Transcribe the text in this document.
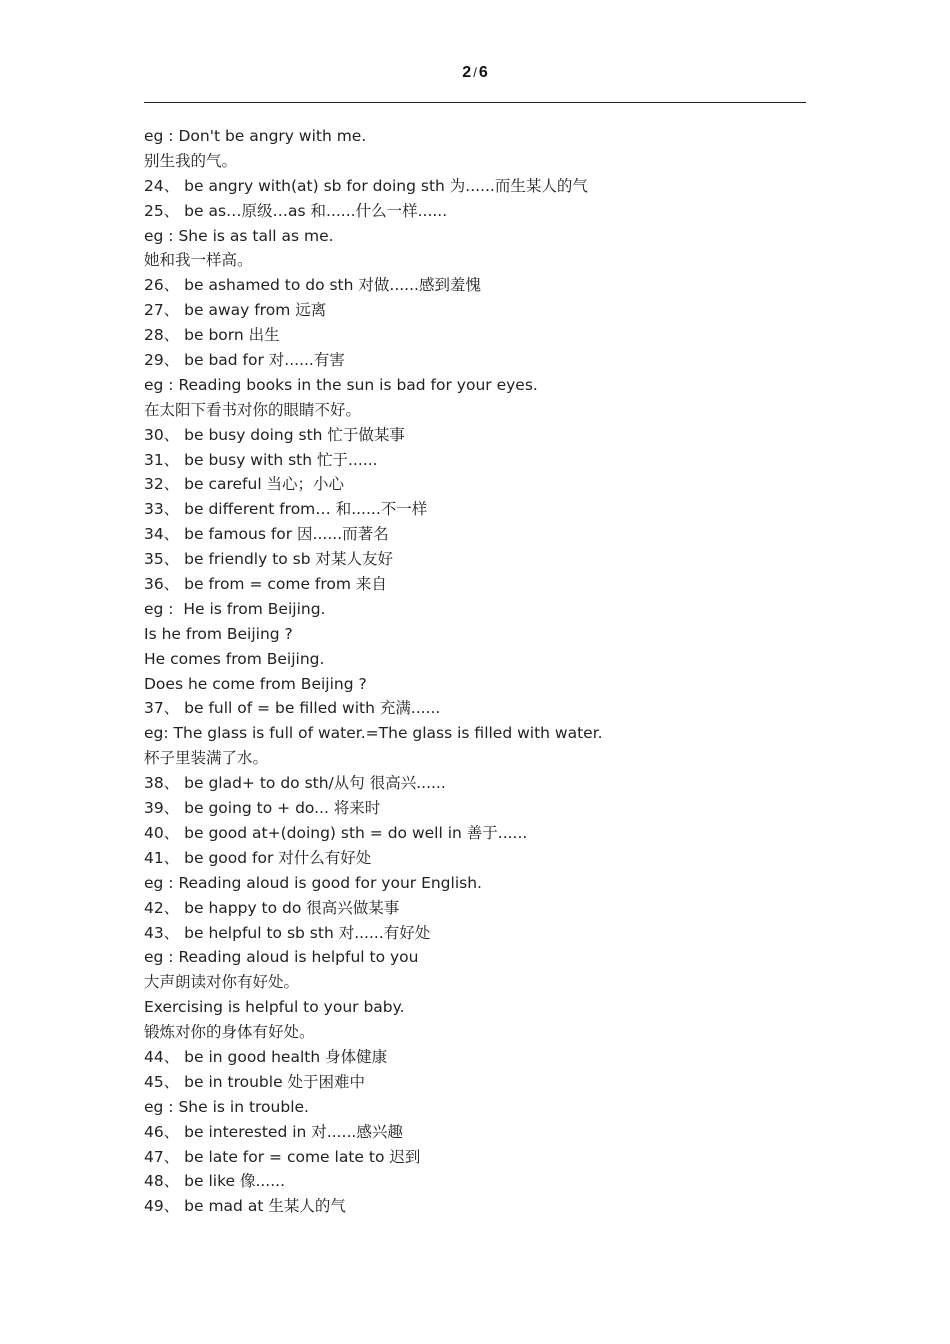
2 / 6
eg : Don't be angry with me.
别生我的气。
24、 be angry with(at) sb for doing sth 为......而生某人的气
25、 be as…原级…as 和......什么一样......
eg : She is as tall as me.
她和我一样高。
26、 be ashamed to do sth 对做......感到羞愧
27、 be away from 远离
28、 be born 出生
29、 be bad for 对......有害
eg : Reading books in the sun is bad for your eyes.
在太阳下看书对你的眼睛不好。
30、 be busy doing sth 忙于做某事
31、 be busy with sth 忙于......
32、 be careful 当心；小心
33、 be different from… 和......不一样
34、 be famous for 因......而著名
35、 be friendly to sb 对某人友好
36、 be from = come from 来自
eg :  He is from Beijing.
Is he from Beijing ?
He comes from Beijing.
Does he come from Beijing ?
37、 be full of = be filled with 充满......
eg: The glass is full of water.=The glass is filled with water.
杯子里装满了水。
38、 be glad+ to do sth/从句 很高兴......
39、 be going to + do... 将来时
40、 be good at+(doing) sth = do well in 善于......
41、 be good for 对什么有好处
eg : Reading aloud is good for your English.
42、 be happy to do 很高兴做某事
43、 be helpful to sb sth 对......有好处
eg : Reading aloud is helpful to you
大声朗读对你有好处。
Exercising is helpful to your baby.
锻炼对你的身体有好处。
44、 be in good health 身体健康
45、 be in trouble 处于困难中
eg : She is in trouble.
46、 be interested in 对......感兴趣
47、 be late for = come late to 迟到
48、 be like 像......
49、 be mad at 生某人的气
